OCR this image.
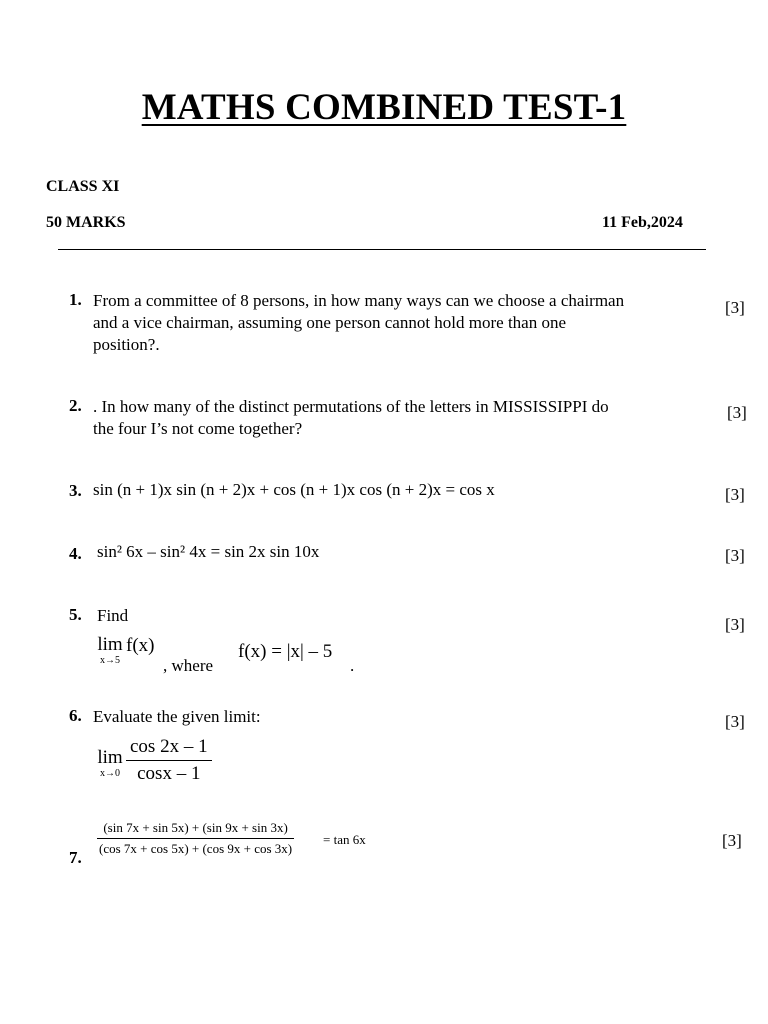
MATHS COMBINED TEST-1
CLASS XI
50 MARKS	11 Feb,2024
1. From a committee of 8 persons, in how many ways can we choose a chairman
and a vice chairman, assuming one person cannot hold more than one
position?.
[3]
2. . In how many of the distinct permutations of the letters in MISSISSIPPI do
the four I’s not come together?
[3]
3. sin (n + 1)x sin (n + 2)x + cos (n + 1)x cos (n + 2)x = cos x	[3]
4. sin² 6x – sin² 4x = sin 2x sin 10x	[3]
5. Find
lim
x→5
f(x)
, where
f(x) = |x| – 5
.
[3]
6. Evaluate the given limit:
lim
$x\to 0 \frac{\cos 2x - 1}{\cos x - 1}$
[3]
7.
$\frac{(\sin 7x + \sin 5x) + (\sin 9x + \sin 3x)}{(\cos 7x + \cos 5x) + (\cos 9x + \cos 3x)} = \tan 6x$	[3]
